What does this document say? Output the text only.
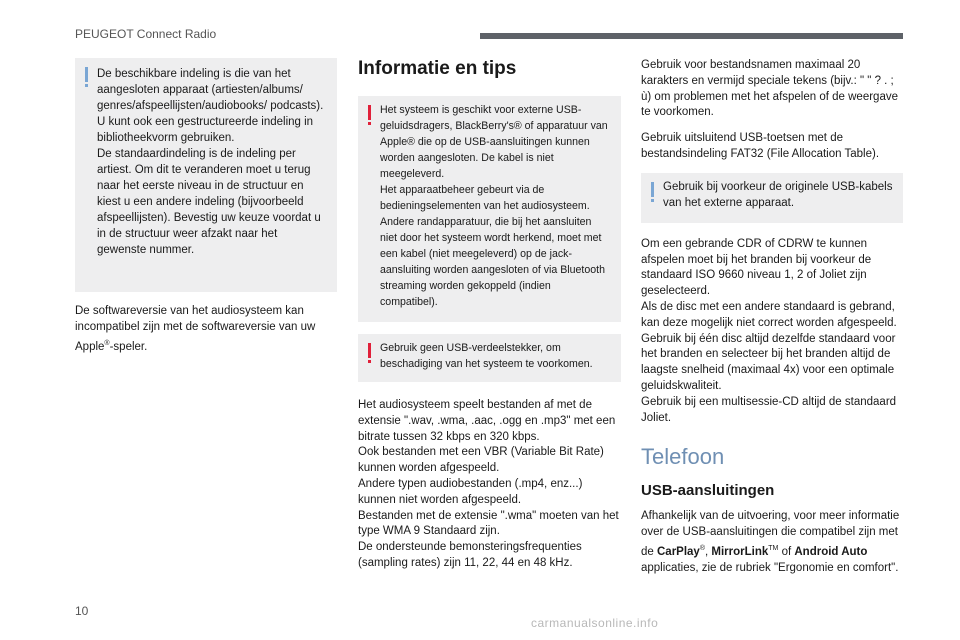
PEUGEOT Connect Radio
De beschikbare indeling is die van het aangesloten apparaat (artiesten/albums/ genres/afspeellijsten/audiobooks/ podcasts). U kunt ook een gestructureerde indeling in bibliotheekvorm gebruiken.
De standaardindeling is de indeling per artiest. Om dit te veranderen moet u terug naar het eerste niveau in de structuur en kiest u een andere indeling (bijvoorbeeld afspeellijsten). Bevestig uw keuze voordat u in de structuur weer afzakt naar het gewenste nummer.

De softwareversie van het audiosysteem kan incompatibel zijn met de softwareversie van uw Apple®-speler.

Informatie en tips
Het systeem is geschikt voor externe USB-geluidsdragers, BlackBerry's® of apparatuur van Apple® die op de USB-aansluitingen kunnen worden aangesloten. De kabel is niet meegeleverd.
Het apparaatbeheer gebeurt via de bedieningselementen van het audiosysteem.
Andere randapparatuur, die bij het aansluiten niet door het systeem wordt herkend, moet met een kabel (niet meegeleverd) op de jack-aansluiting worden aangesloten of via Bluetooth streaming worden gekoppeld (indien compatibel).
Gebruik geen USB-verdeelstekker, om beschadiging van het systeem te voorkomen.

Het audiosysteem speelt bestanden af met de extensie ".wav, .wma, .aac, .ogg en .mp3" met een bitrate tussen 32 kbps en 320 kbps.
Ook bestanden met een VBR (Variable Bit Rate) kunnen worden afgespeeld.
Andere typen audiobestanden (.mp4, enz...) kunnen niet worden afgespeeld.
Bestanden met de extensie ".wma" moeten van het type WMA 9 Standaard zijn.
De ondersteunde bemonsteringsfrequenties (sampling rates) zijn 11, 22, 44 en 48 kHz.

Gebruik voor bestandsnamen maximaal 20 karakters en vermijd speciale tekens (bijv.: " " ? . ; ù) om problemen met het afspelen of de weergave te voorkomen.

Gebruik uitsluitend USB-toetsen met de bestandsindeling FAT32 (File Allocation Table).

Gebruik bij voorkeur de originele USB-kabels van het externe apparaat.

Om een gebrande CDR of CDRW te kunnen afspelen moet bij het branden bij voorkeur de standaard ISO 9660 niveau 1, 2 of Joliet zijn geselecteerd.
Als de disc met een andere standaard is gebrand, kan deze mogelijk niet correct worden afgespeeld.
Gebruik bij één disc altijd dezelfde standaard voor het branden en selecteer bij het branden altijd de laagste snelheid (maximaal 4x) voor een optimale geluidskwaliteit.
Gebruik bij een multisessie-CD altijd de standaard Joliet.

Telefoon
USB-aansluitingen

Afhankelijk van de uitvoering, voor meer informatie over de USB-aansluitingen die compatibel zijn met de CarPlay®, MirrorLink™ of Android Auto applicaties, zie de rubriek "Ergonomie en comfort".

10
carmanualsonline.info
